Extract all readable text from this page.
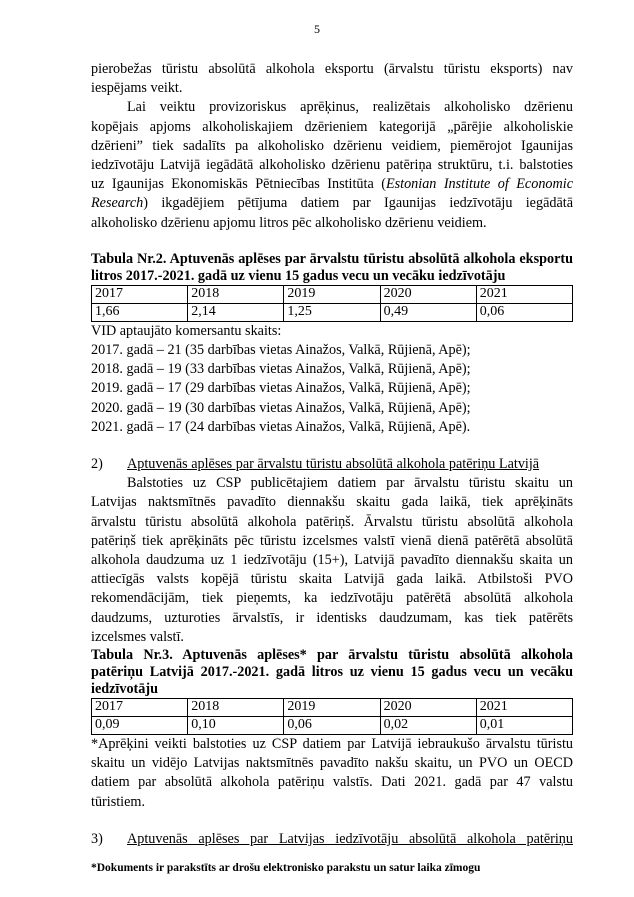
5

pierobežas tūristu absolūtā alkohola eksportu (ārvalstu tūristu eksports) nav

iespējams veikt.

Lai veiktu provizoriskus aprēķinus, realizētais alkoholisko dzērienu

kopējais apjoms alkoholiskajiem dzērieniem kategorijā „pārējie alkoholiskie

dzērieni” tiek sadalīts pa alkoholisko dzērienu veidiem, piemērojot Igaunijas

iedzīvotāju Latvijā iegādātā alkoholisko dzērienu patēriņa struktūru, t.i. balstoties

uz Igaunijas Ekonomiskās Pētniecības Institūta (Estonian Institute of Economic

Research) ikgadējiem pētījuma datiem par Igaunijas iedzīvotāju iegādātā

alkoholisko dzērienu apjomu litros pēc alkoholisko dzērienu veidiem.

Tabula Nr.2. Aptuvenās aplēses par ārvalstu tūristu absolūtā alkohola eksportu litros 2017.-2021. gadā uz vienu 15 gadus vecu un vecāku iedzīvotāju

2017	2018	2019	2020	2021
1,66	2,14	1,25	0,49	0,06

VID aptaujāto komersantu skaits:

2017. gadā – 21 (35 darbības vietas Ainažos, Valkā, Rūjienā, Apē);

2018. gadā – 19 (33 darbības vietas Ainažos, Valkā, Rūjienā, Apē);

2019. gadā – 17 (29 darbības vietas Ainažos, Valkā, Rūjienā, Apē);

2020. gadā – 19 (30 darbības vietas Ainažos, Valkā, Rūjienā, Apē);

2021. gadā – 17 (24 darbības vietas Ainažos, Valkā, Rūjienā, Apē).

2) Aptuvenās aplēses par ārvalstu tūristu absolūtā alkohola patēriņu Latvijā

Balstoties uz CSP publicētajiem datiem par ārvalstu tūristu skaitu un

Latvijas naktsmītnēs pavadīto diennakšu skaitu gada laikā, tiek aprēķināts

ārvalstu tūristu absolūtā alkohola patēriņš. Ārvalstu tūristu absolūtā alkohola

patēriņš tiek aprēķināts pēc tūristu izcelsmes valstī vienā dienā patērētā absolūtā

alkohola daudzuma uz 1 iedzīvotāju (15+), Latvijā pavadīto diennakšu skaita un

attiecīgās valsts kopējā tūristu skaita Latvijā gada laikā. Atbilstoši PVO

rekomendācijām, tiek pieņemts, ka iedzīvotāju patērētā absolūtā alkohola

daudzums, uzturoties ārvalstīs, ir identisks daudzumam, kas tiek patērēts

izcelsmes valstī.

Tabula Nr.3. Aptuvenās aplēses* par ārvalstu tūristu absolūtā alkohola patēriņu Latvijā 2017.-2021. gadā litros uz vienu 15 gadus vecu un vecāku iedzīvotāju

2017	2018	2019	2020	2021
0,09	0,10	0,06	0,02	0,01

*Aprēķini veikti balstoties uz CSP datiem par Latvijā iebraukušo ārvalstu tūristu

skaitu un vidējo Latvijas naktsmītnēs pavadīto nakšu skaitu, un PVO un OECD

datiem par absolūtā alkohola patēriņu valstīs. Dati 2021. gadā par 47 valstu

tūristiem.

3) Aptuvenās aplēses par Latvijas iedzīvotāju absolūtā alkohola patēriņu

*Dokuments ir parakstīts ar drošu elektronisko parakstu un satur laika zīmogu
